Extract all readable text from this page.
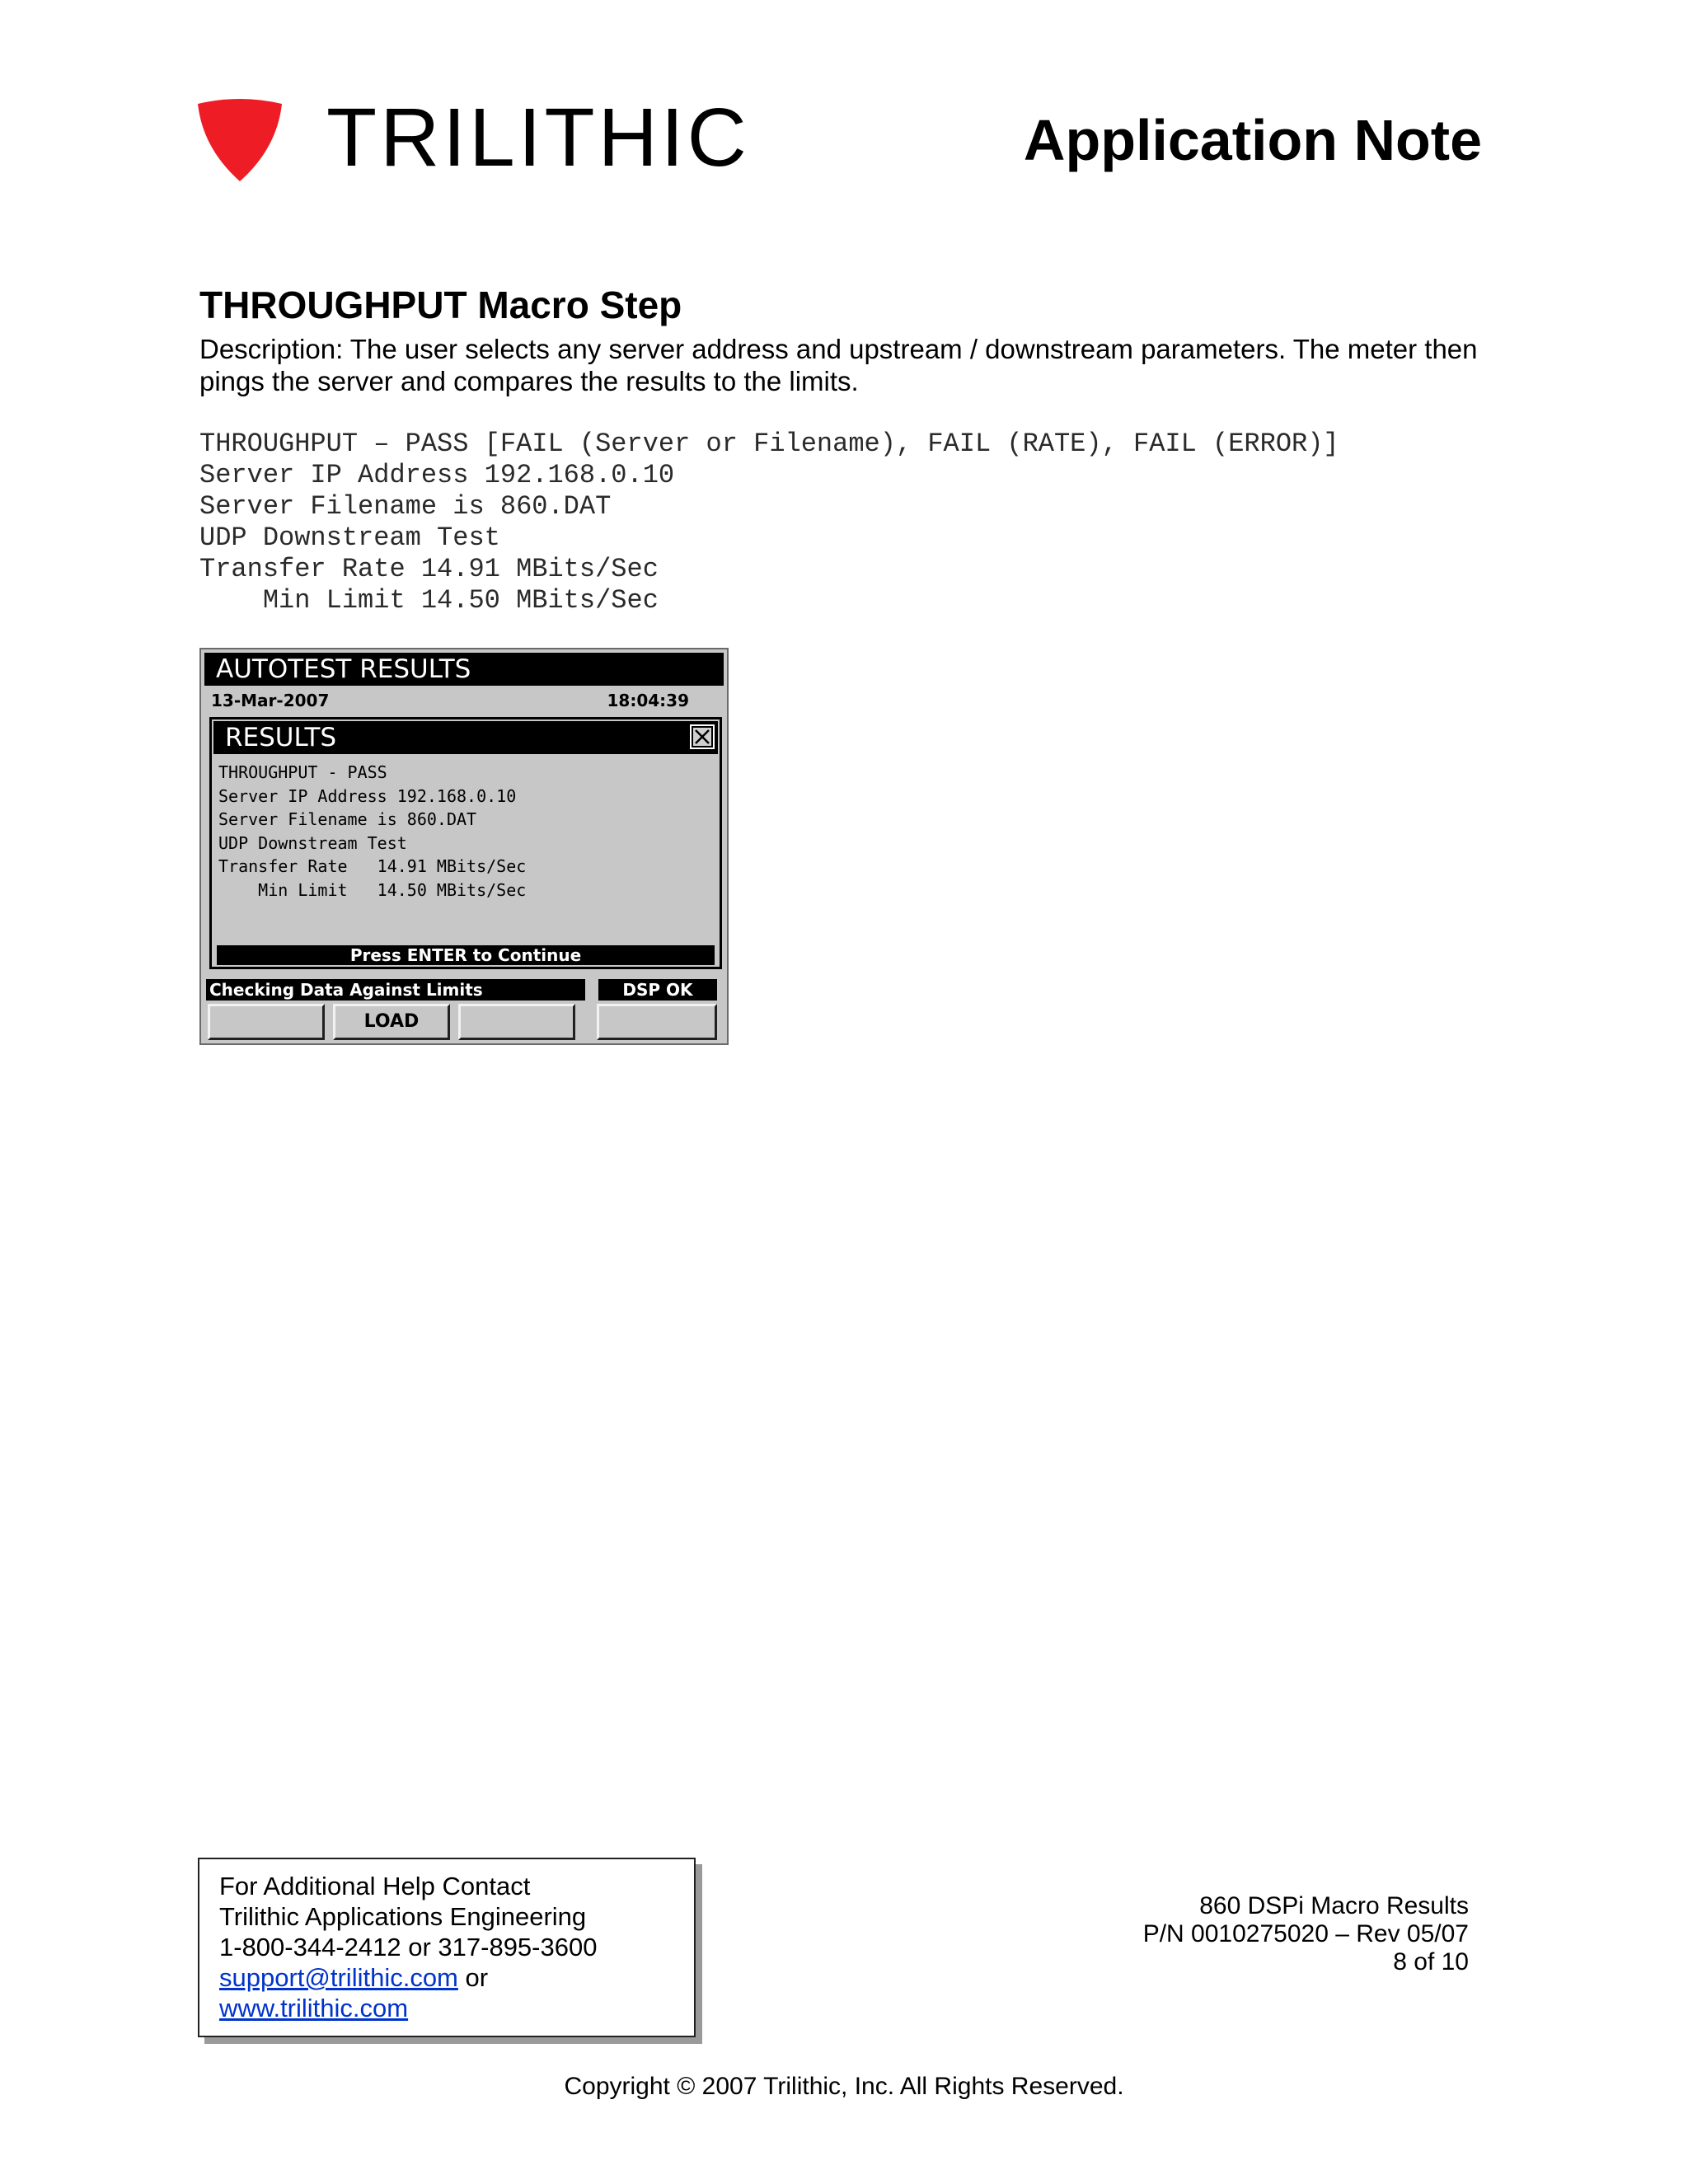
TRILITHIC	Application Note
THROUGHPUT Macro Step
Description: The user selects any server address and upstream / downstream parameters. The meter then pings the server and compares the results to the limits.
THROUGHPUT – PASS [FAIL (Server or Filename), FAIL (RATE), FAIL (ERROR)]
Server IP Address 192.168.0.10
Server Filename is 860.DAT
UDP Downstream Test
Transfer Rate 14.91 MBits/Sec
Min Limit 14.50 MBits/Sec
AUTOTEST RESULTS
13-Mar-2007	18:04:39
RESULTS
THROUGHPUT - PASS
Server IP Address 192.168.0.10
Server Filename is 860.DAT
UDP Downstream Test
Transfer Rate   14.91 MBits/Sec
Min Limit   14.50 MBits/Sec
Press ENTER to Continue
Checking Data Against Limits	DSP OK
LOAD
For Additional Help Contact
Trilithic Applications Engineering
1-800-344-2412 or 317-895-3600
support@trilithic.com or
www.trilithic.com
860 DSPi Macro Results
P/N 0010275020 – Rev 05/07
8 of 10
Copyright © 2007 Trilithic, Inc. All Rights Reserved.
